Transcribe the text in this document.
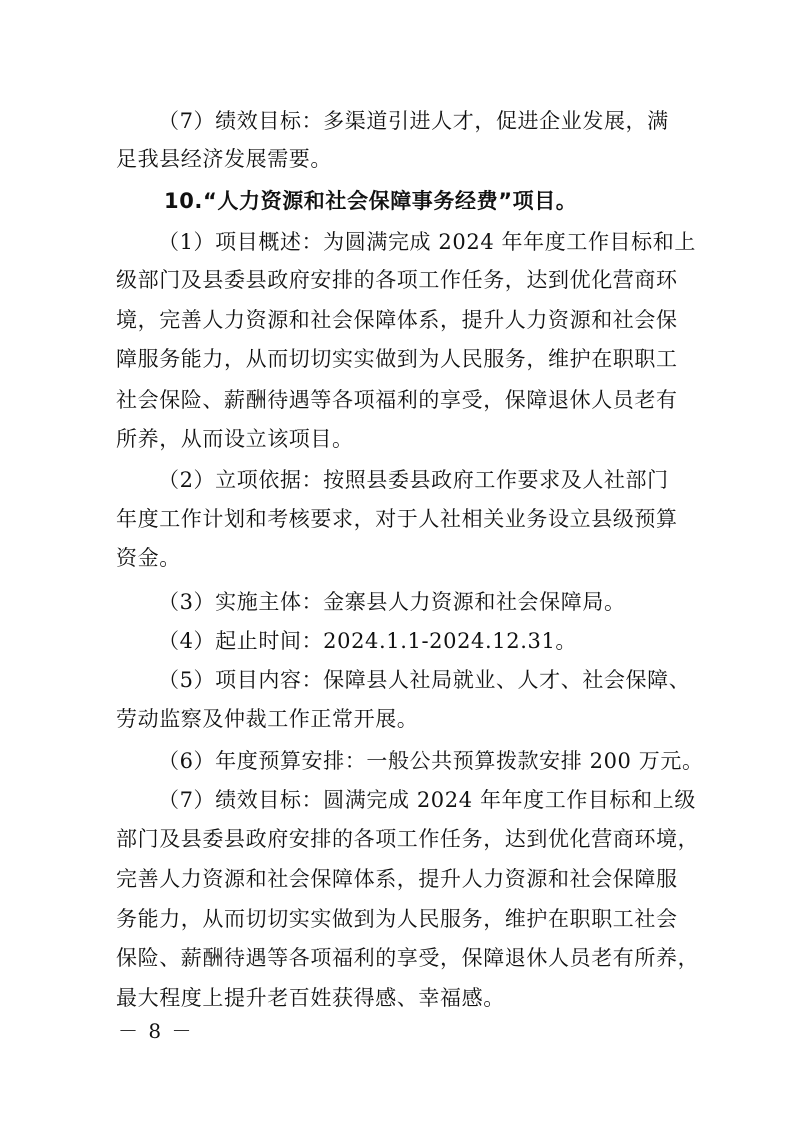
（7）绩效目标：多渠道引进人才，促进企业发展，满
足我县经济发展需要。
10.“人力资源和社会保障事务经费”项目。
（1）项目概述：为圆满完成 2024 年年度工作目标和上
级部门及县委县政府安排的各项工作任务，达到优化营商环
境，完善人力资源和社会保障体系，提升人力资源和社会保
障服务能力，从而切切实实做到为人民服务，维护在职职工
社会保险、薪酬待遇等各项福利的享受，保障退休人员老有
所养，从而设立该项目。
（2）立项依据：按照县委县政府工作要求及人社部门
年度工作计划和考核要求，对于人社相关业务设立县级预算
资金。
（3）实施主体：金寨县人力资源和社会保障局。
（4）起止时间：2024.1.1-2024.12.31。
（5）项目内容：保障县人社局就业、人才、社会保障、
劳动监察及仲裁工作正常开展。
（6）年度预算安排：一般公共预算拨款安排 200 万元。
（7）绩效目标：圆满完成 2024 年年度工作目标和上级
部门及县委县政府安排的各项工作任务，达到优化营商环境，
完善人力资源和社会保障体系，提升人力资源和社会保障服
务能力，从而切切实实做到为人民服务，维护在职职工社会
保险、薪酬待遇等各项福利的享受，保障退休人员老有所养，
最大程度上提升老百姓获得感、幸福感。
－ 8 －
